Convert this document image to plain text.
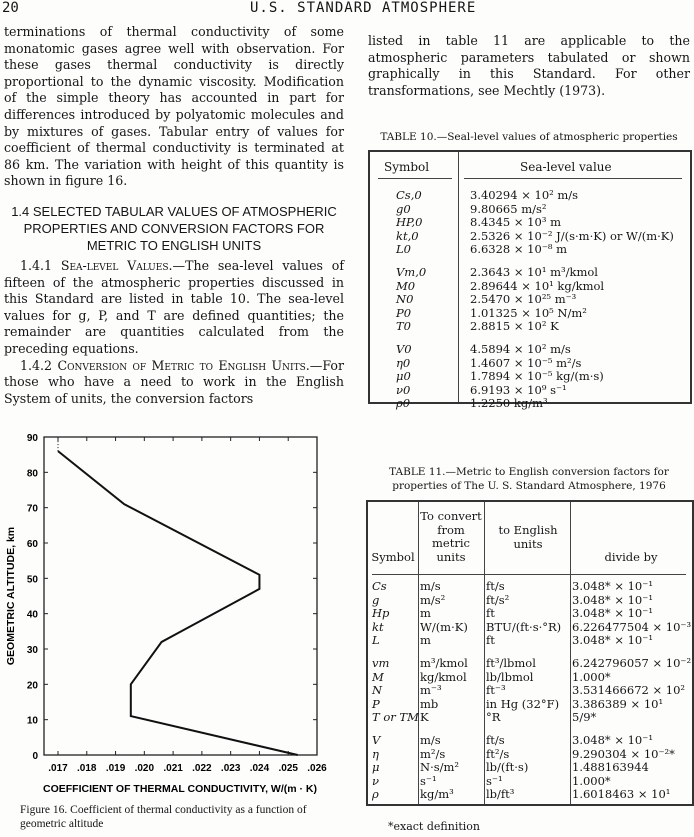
20	U.S. STANDARD ATMOSPHERE

terminations of thermal conductivity of some monatomic gases agree well with observation. For these gases thermal conductivity is directly proportional to the dynamic viscosity. Modification of the simple theory has accounted in part for differences introduced by polyatomic molecules and by mixtures of gases. Tabular entry of values for coefficient of thermal conductivity is terminated at 86 km. The variation with height of this quantity is shown in figure 16.

1.4 SELECTED TABULAR VALUES OF ATMOSPHERIC PROPERTIES AND CONVERSION FACTORS FOR METRIC TO ENGLISH UNITS

1.4.1 Sea-level Values.—The sea-level values of fifteen of the atmospheric properties discussed in this Standard are listed in table 10. The sea-level values for g, P, and T are defined quantities; the remainder are quantities calculated from the preceding equations.

1.4.2 Conversion of Metric to English Units.—For those who have a need to work in the English System of units, the conversion factors

listed in table 11 are applicable to the atmospheric parameters tabulated or shown graphically in this Standard. For other transformations, see Mechtly (1973).

TABLE 10.—Seal-level values of atmospheric properties
Symbol	Sea-level value
Cs,0
g0
HP,0
kt,0
L0
Vm,0
M0
N0
P0
T0
V0
η0
μ0
ν0
ρ0
3.40294 × 10² m/s
9.80665 m/s²
8.4345 × 10³ m
2.5326 × 10⁻² J/(s·m·K) or W/(m·K)
6.6328 × 10⁻⁸ m
2.3643 × 10¹ m³/kmol
2.89644 × 10¹ kg/kmol
2.5470 × 10²⁵ m⁻³
1.01325 × 10⁵ N/m²
2.8815 × 10² K
4.5894 × 10² m/s
1.4607 × 10⁻⁵ m²/s
1.7894 × 10⁻⁵ kg/(m·s)
6.9193 × 10⁹ s⁻¹
1.2250 kg/m³
TABLE 11.—Metric to English conversion factors for properties of The U. S. Standard Atmosphere, 1976
Symbol
To convert from metric units
to English units
divide by
Cs
g
Hp
kt
L
vm
M
N
P
T or TM
V
η
μ
ν
ρ
m/s
m/s²
m
W/(m·K)
m
m³/kmol
kg/kmol
m⁻³
mb
K
m/s
m²/s
N·s/m²
s⁻¹
kg/m³
ft/s
ft/s²
ft
BTU/(ft·s·°R)
ft
ft³/lbmol
lb/lbmol
ft⁻³
in Hg (32°F)
°R
ft/s
ft²/s
lb/(ft·s)
s⁻¹
lb/ft³
3.048* × 10⁻¹
3.048* × 10⁻¹
3.048* × 10⁻¹
6.226477504 × 10⁻³
3.048* × 10⁻¹
6.242796057 × 10⁻²
1.000*
3.531466672 × 10²
3.386389 × 10¹
5/9*
3.048* × 10⁻¹
9.290304 × 10⁻²*
1.488163944
1.000*
1.6018463 × 10¹
*exact definition
.017 .018 .019 .020 .021 .022 .023 .024 .025 .026
0
10
20
30
40
50
60
70
80
90
COEFFICIENT OF THERMAL CONDUCTIVITY, W/(m · K)
GEOMETRIC ALTITUDE, km
Figure 16. Coefficient of thermal conductivity as a function of geometric altitude
